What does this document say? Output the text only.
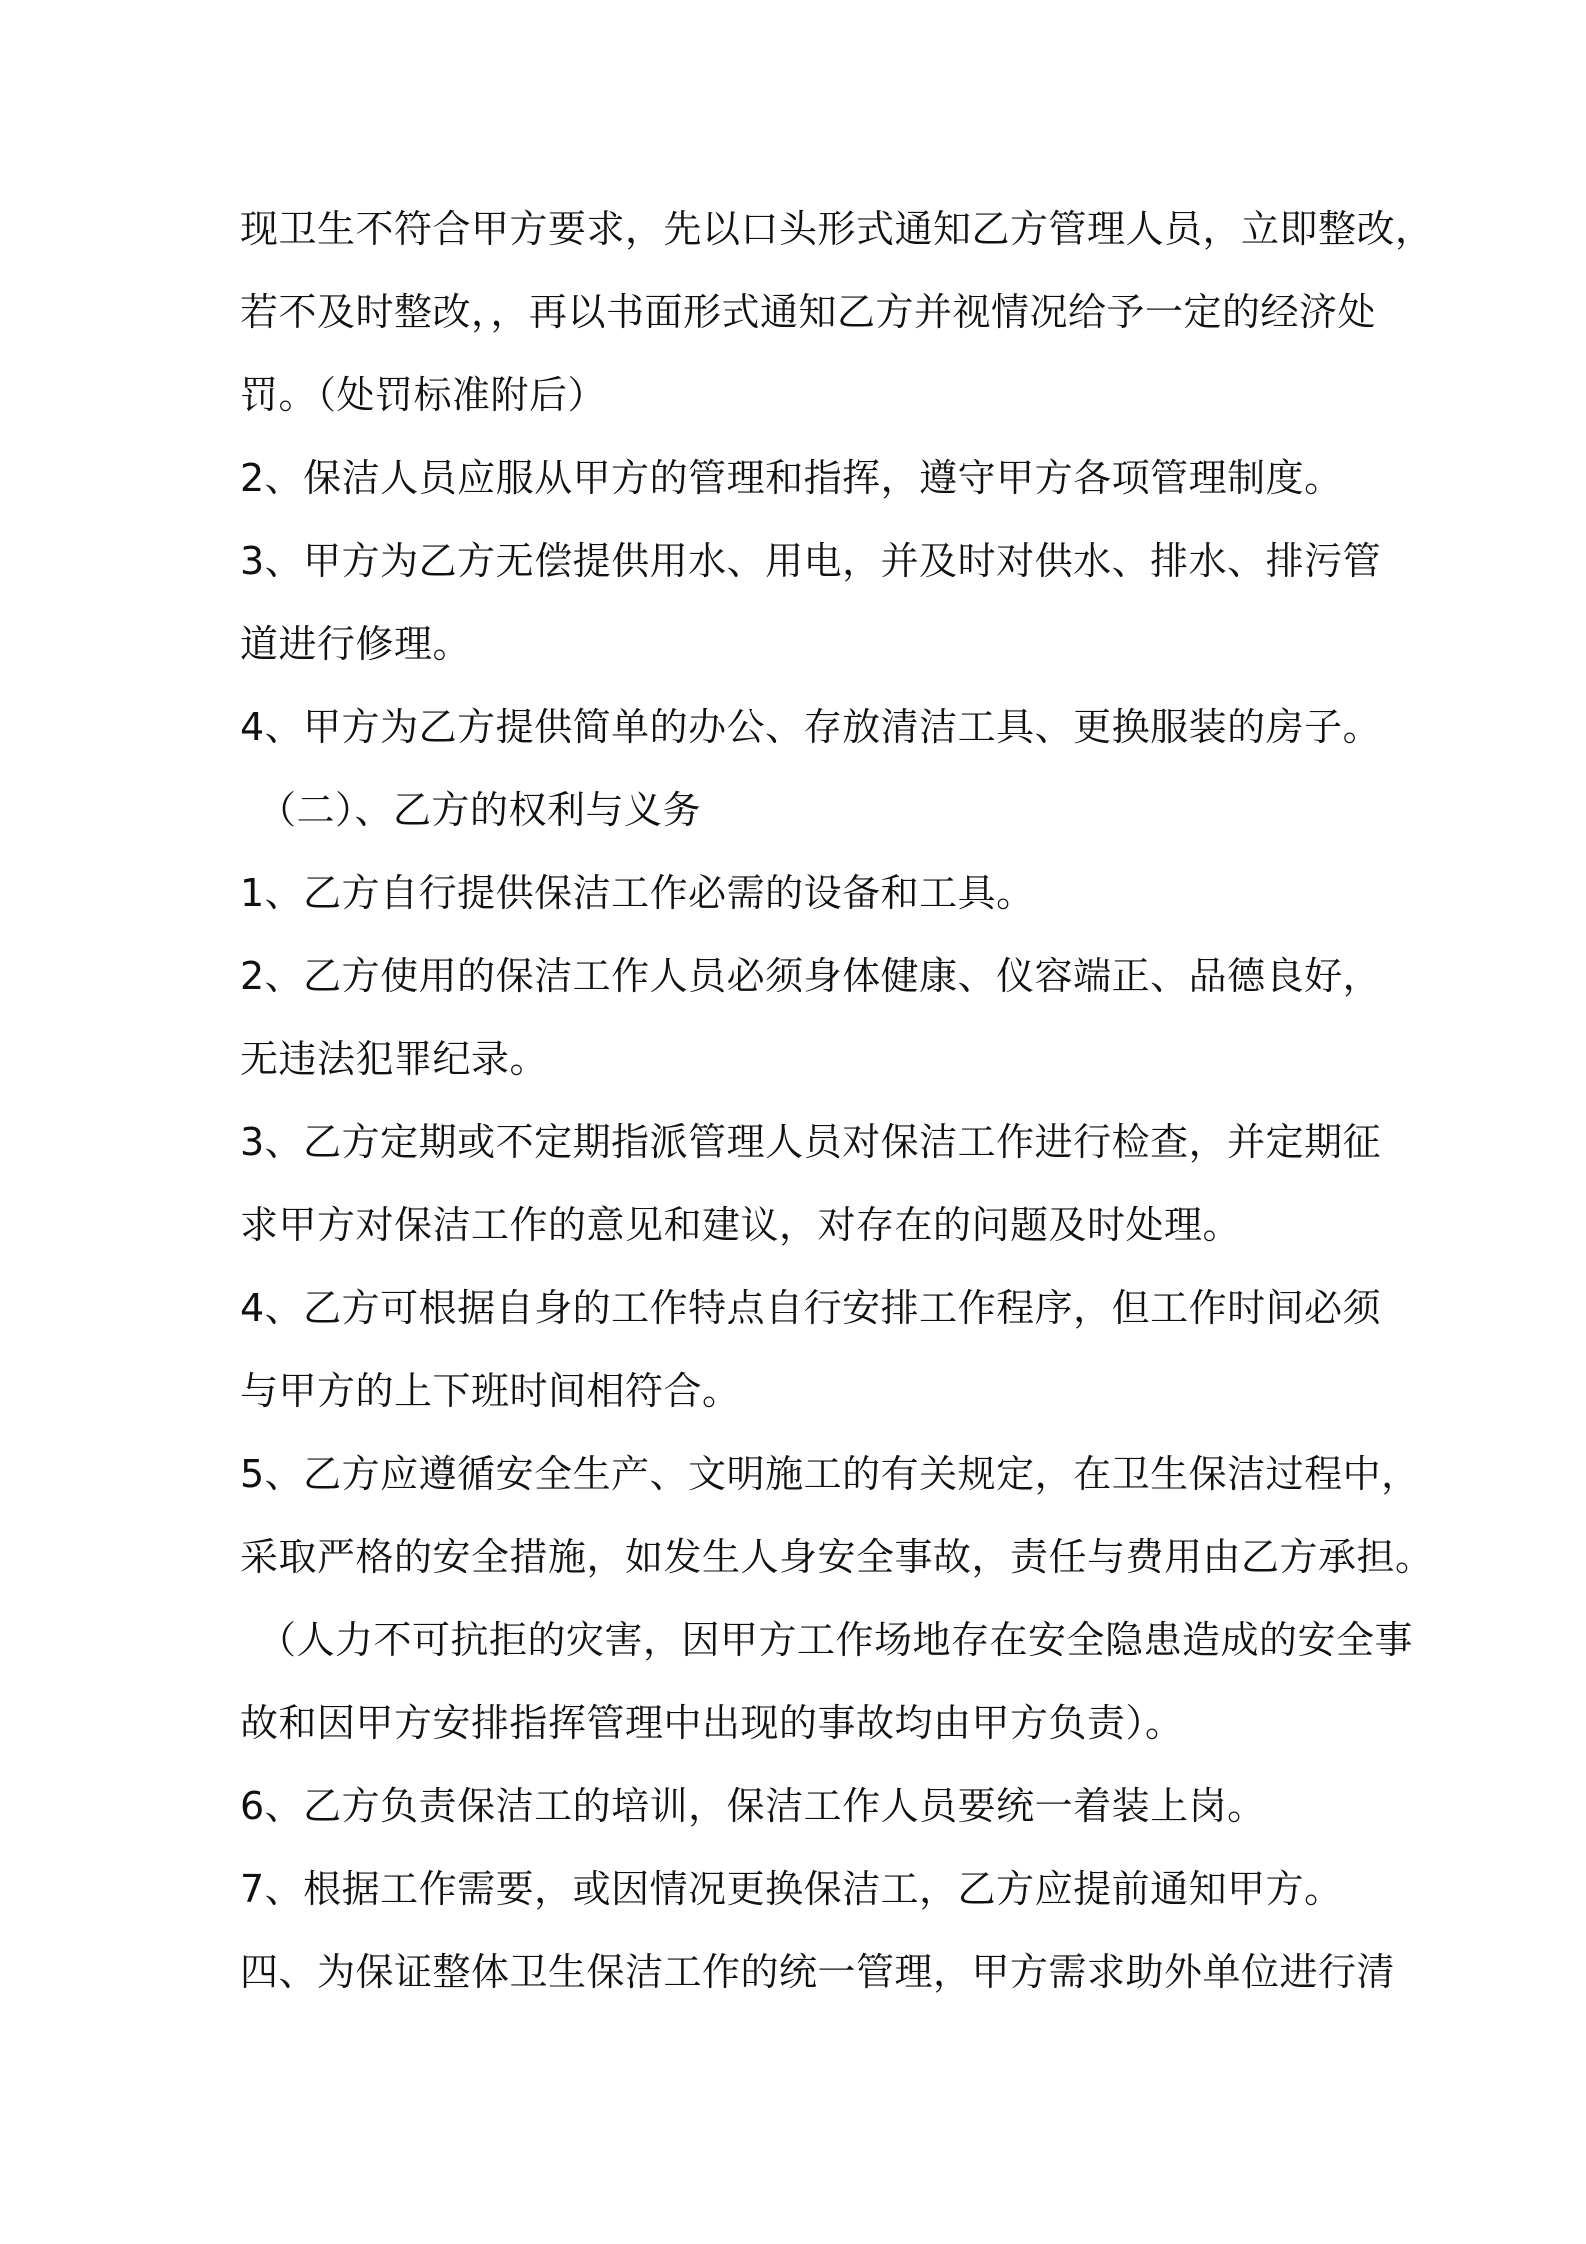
现卫生不符合甲方要求，先以口头形式通知乙方管理人员，立即整改，
若不及时整改，，再以书面形式通知乙方并视情况给予一定的经济处
罚。（处罚标准附后）
2、保洁人员应服从甲方的管理和指挥，遵守甲方各项管理制度。
3、甲方为乙方无偿提供用水、用电，并及时对供水、排水、排污管
道进行修理。
4、甲方为乙方提供简单的办公、存放清洁工具、更换服装的房子。
（二）、乙方的权利与义务
1、乙方自行提供保洁工作必需的设备和工具。
2、乙方使用的保洁工作人员必须身体健康、仪容端正、品德良好，
无违法犯罪纪录。
3、乙方定期或不定期指派管理人员对保洁工作进行检查，并定期征
求甲方对保洁工作的意见和建议，对存在的问题及时处理。
4、乙方可根据自身的工作特点自行安排工作程序，但工作时间必须
与甲方的上下班时间相符合。
5、乙方应遵循安全生产、文明施工的有关规定，在卫生保洁过程中，
采取严格的安全措施，如发生人身安全事故，责任与费用由乙方承担。
（人力不可抗拒的灾害，因甲方工作场地存在安全隐患造成的安全事
故和因甲方安排指挥管理中出现的事故均由甲方负责）。
6、乙方负责保洁工的培训，保洁工作人员要统一着装上岗。
7、根据工作需要，或因情况更换保洁工，乙方应提前通知甲方。
四、为保证整体卫生保洁工作的统一管理，甲方需求助外单位进行清
